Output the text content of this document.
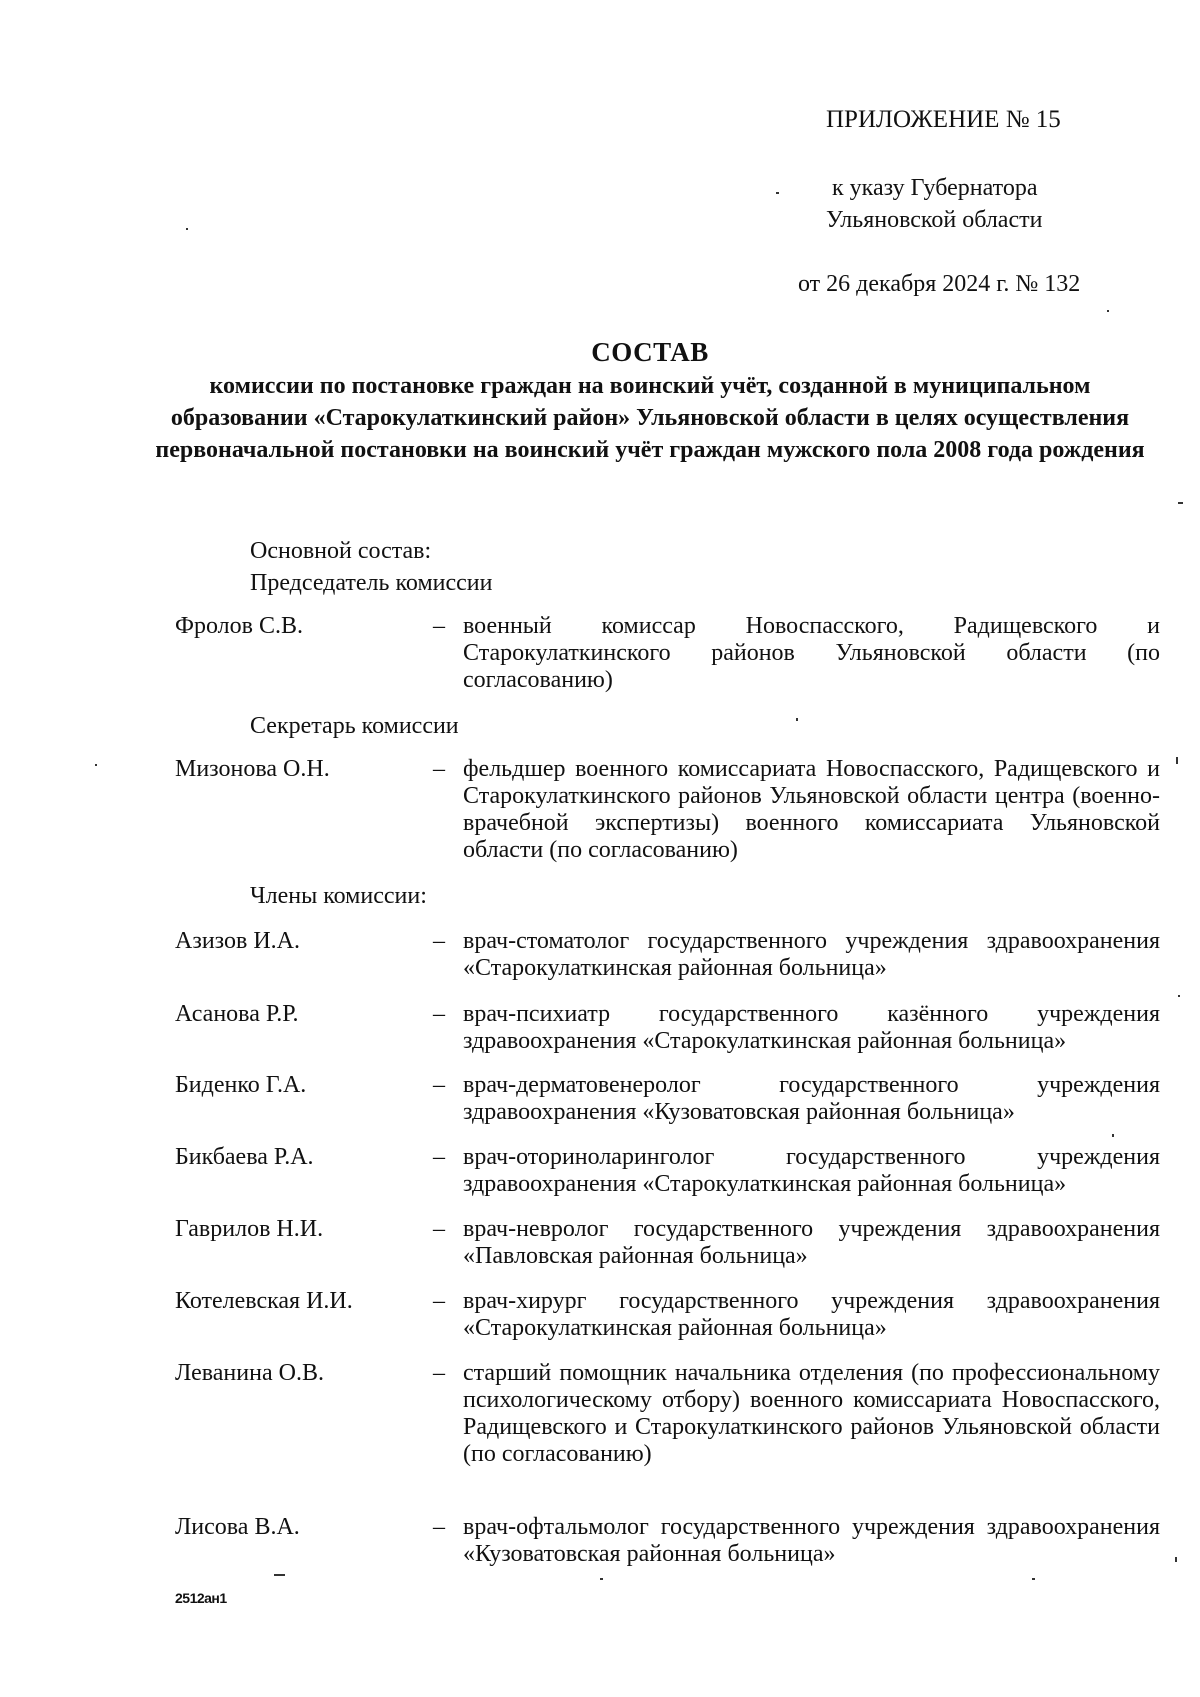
ПРИЛОЖЕНИЕ № 15
к указу Губернатора
Ульяновской области
от 26 декабря 2024 г. № 132
СОСТАВ
комиссии по постановке граждан на воинский учёт, созданной в муниципальном образовании «Старокулаткинский район» Ульяновской области в целях осуществления первоначальной постановки на воинский учёт граждан мужского пола 2008 года рождения
Основной состав:
Председатель комиссии
Фролов С.В.	– военный комиссар Новоспасского, Радищевского и Старокулаткинского районов Ульяновской области (по согласованию)
Секретарь комиссии
Мизонова О.Н.	– фельдшер военного комиссариата Новоспасского, Радищевского и Старокулаткинского районов Ульяновской области центра (военно-врачебной экспертизы) военного комиссариата Ульяновской области (по согласованию)
Члены комиссии:
Азизов И.А.	– врач-стоматолог государственного учреждения здравоохранения «Старокулаткинская районная больница»
Асанова Р.Р.	– врач-психиатр государственного казённого учреждения здравоохранения «Старокулаткинская районная больница»
Биденко Г.А.	– врач-дерматовенеролог государственного учреждения здравоохранения «Кузоватовская районная больница»
Бикбаева Р.А.	– врач-оториноларинголог государственного учреждения здравоохранения «Старокулаткинская районная больница»
Гаврилов Н.И.	– врач-невролог государственного учреждения здравоохранения «Павловская районная больница»
Котелевская И.И.	– врач-хирург государственного учреждения здравоохранения «Старокулаткинская районная больница»
Леванина О.В.	– старший помощник начальника отделения (по профессиональному психологическому отбору) военного комиссариата Новоспасского, Радищевского и Старокулаткинского районов Ульяновской области (по согласованию)
Лисова В.А.	– врач-офтальмолог государственного учреждения здравоохранения «Кузоватовская районная больница»
2512ан1
